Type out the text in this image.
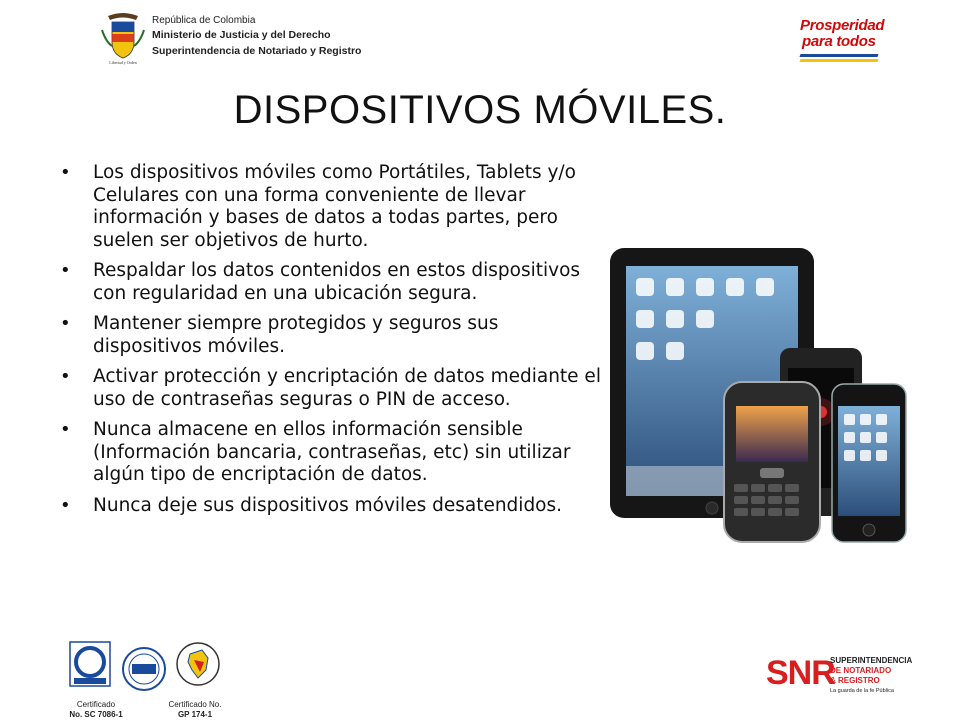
Libertad y Orden
República de Colombia
Ministerio de Justicia y del Derecho
Superintendencia de Notariado y Registro
Prosperidad
para todos
DISPOSITIVOS MÓVILES.
• Los dispositivos móviles como Portátiles, Tablets y/o Celulares con una forma conveniente de llevar información y bases de datos a todas partes, pero suelen ser objetivos de hurto.
• Respaldar los datos contenidos en estos dispositivos con regularidad en una ubicación segura.
• Mantener siempre protegidos y seguros sus dispositivos móviles.
• Activar protección y encriptación de datos mediante el uso de contraseñas seguras o PIN de acceso.
• Nunca almacene en ellos información sensible (Información bancaria, contraseñas, etc) sin utilizar algún tipo de encriptación de datos.
• Nunca deje sus dispositivos móviles desatendidos.
Certificado
No. SC 7086-1
Certificado No.
GP 174-1
SNR
SUPERINTENDENCIA
DE NOTARIADO
& REGISTRO
La guarda de la fe Pública
